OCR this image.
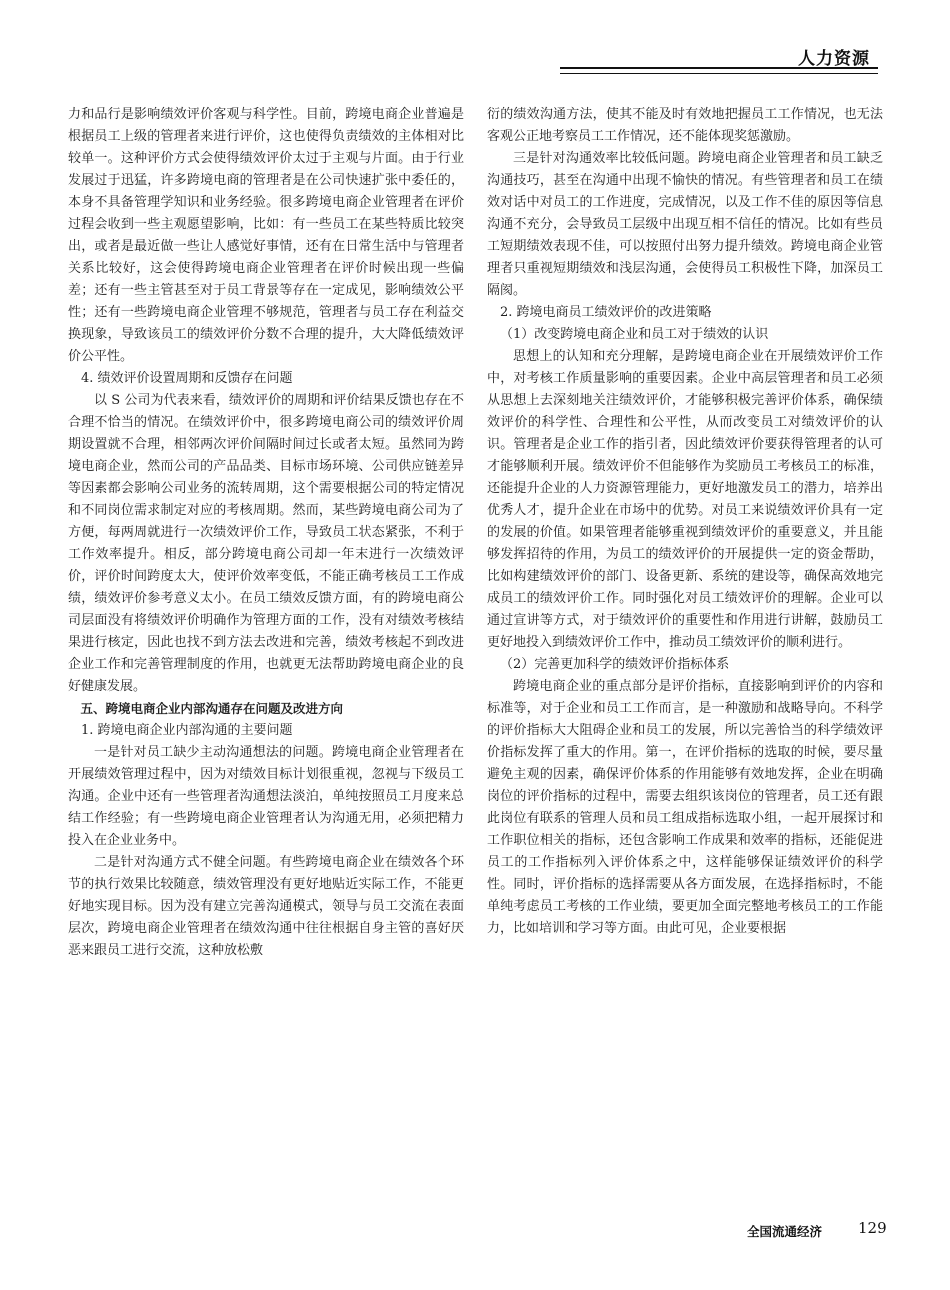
人力资源

力和品行是影响绩效评价客观与科学性。目前，跨境电商企业普遍是根据员工上级的管理者来进行评价，这也使得负责绩效的主体相对比较单一。这种评价方式会使得绩效评价太过于主观与片面。由于行业发展过于迅猛，许多跨境电商的管理者是在公司快速扩张中委任的，本身不具备管理学知识和业务经验。很多跨境电商企业管理者在评价过程会收到一些主观愿望影响，比如：有一些员工在某些特质比较突出，或者是最近做一些让人感觉好事情，还有在日常生活中与管理者关系比较好，这会使得跨境电商企业管理者在评价时候出现一些偏差；还有一些主管甚至对于员工背景等存在一定成见，影响绩效公平性；还有一些跨境电商企业管理不够规范，管理者与员工存在利益交换现象，导致该员工的绩效评价分数不合理的提升，大大降低绩效评价公平性。

4. 绩效评价设置周期和反馈存在问题

以 S 公司为代表来看，绩效评价的周期和评价结果反馈也存在不合理不恰当的情况。在绩效评价中，很多跨境电商公司的绩效评价周期设置就不合理，相邻两次评价间隔时间过长或者太短。虽然同为跨境电商企业，然而公司的产品品类、目标市场环境、公司供应链差异等因素都会影响公司业务的流转周期，这个需要根据公司的特定情况和不同岗位需求制定对应的考核周期。然而，某些跨境电商公司为了方便，每两周就进行一次绩效评价工作，导致员工状态紧张，不利于工作效率提升。相反，部分跨境电商公司却一年末进行一次绩效评价，评价时间跨度太大，使评价效率变低，不能正确考核员工工作成绩，绩效评价参考意义太小。在员工绩效反馈方面，有的跨境电商公司层面没有将绩效评价明确作为管理方面的工作，没有对绩效考核结果进行核定，因此也找不到方法去改进和完善，绩效考核起不到改进企业工作和完善管理制度的作用，也就更无法帮助跨境电商企业的良好健康发展。

五、跨境电商企业内部沟通存在问题及改进方向

1. 跨境电商企业内部沟通的主要问题

一是针对员工缺少主动沟通想法的问题。跨境电商企业管理者在开展绩效管理过程中，因为对绩效目标计划很重视，忽视与下级员工沟通。企业中还有一些管理者沟通想法淡泊，单纯按照员工月度来总结工作经验；有一些跨境电商企业管理者认为沟通无用，必须把精力投入在企业业务中。

二是针对沟通方式不健全问题。有些跨境电商企业在绩效各个环节的执行效果比较随意，绩效管理没有更好地贴近实际工作，不能更好地实现目标。因为没有建立完善沟通模式，领导与员工交流在表面层次，跨境电商企业管理者在绩效沟通中往往根据自身主管的喜好厌恶来跟员工进行交流，这种放松敷

衍的绩效沟通方法，使其不能及时有效地把握员工工作情况，也无法客观公正地考察员工工作情况，还不能体现奖惩激励。

三是针对沟通效率比较低问题。跨境电商企业管理者和员工缺乏沟通技巧，甚至在沟通中出现不愉快的情况。有些管理者和员工在绩效对话中对员工的工作进度，完成情况，以及工作不佳的原因等信息沟通不充分，会导致员工层级中出现互相不信任的情况。比如有些员工短期绩效表现不佳，可以按照付出努力提升绩效。跨境电商企业管理者只重视短期绩效和浅层沟通，会使得员工积极性下降，加深员工隔阂。

2. 跨境电商员工绩效评价的改进策略

（1）改变跨境电商企业和员工对于绩效的认识

思想上的认知和充分理解，是跨境电商企业在开展绩效评价工作中，对考核工作质量影响的重要因素。企业中高层管理者和员工必须从思想上去深刻地关注绩效评价，才能够积极完善评价体系，确保绩效评价的科学性、合理性和公平性，从而改变员工对绩效评价的认识。管理者是企业工作的指引者，因此绩效评价要获得管理者的认可才能够顺利开展。绩效评价不但能够作为奖励员工考核员工的标准，还能提升企业的人力资源管理能力，更好地激发员工的潜力，培养出优秀人才，提升企业在市场中的优势。对员工来说绩效评价具有一定的发展的价值。如果管理者能够重视到绩效评价的重要意义，并且能够发挥招待的作用，为员工的绩效评价的开展提供一定的资金帮助，比如构建绩效评价的部门、设备更新、系统的建设等，确保高效地完成员工的绩效评价工作。同时强化对员工绩效评价的理解。企业可以通过宣讲等方式，对于绩效评价的重要性和作用进行讲解，鼓励员工更好地投入到绩效评价工作中，推动员工绩效评价的顺利进行。

（2）完善更加科学的绩效评价指标体系

跨境电商企业的重点部分是评价指标，直接影响到评价的内容和标准等，对于企业和员工工作而言，是一种激励和战略导向。不科学的评价指标大大阻碍企业和员工的发展，所以完善恰当的科学绩效评价指标发挥了重大的作用。第一，在评价指标的选取的时候，要尽量避免主观的因素，确保评价体系的作用能够有效地发挥，企业在明确岗位的评价指标的过程中，需要去组织该岗位的管理者，员工还有跟此岗位有联系的管理人员和员工组成指标选取小组，一起开展探讨和工作职位相关的指标，还包含影响工作成果和效率的指标，还能促进员工的工作指标列入评价体系之中，这样能够保证绩效评价的科学性。同时，评价指标的选择需要从各方面发展，在选择指标时，不能单纯考虑员工考核的工作业绩，要更加全面完整地考核员工的工作能力，比如培训和学习等方面。由此可见，企业要根据

全国流通经济 129
